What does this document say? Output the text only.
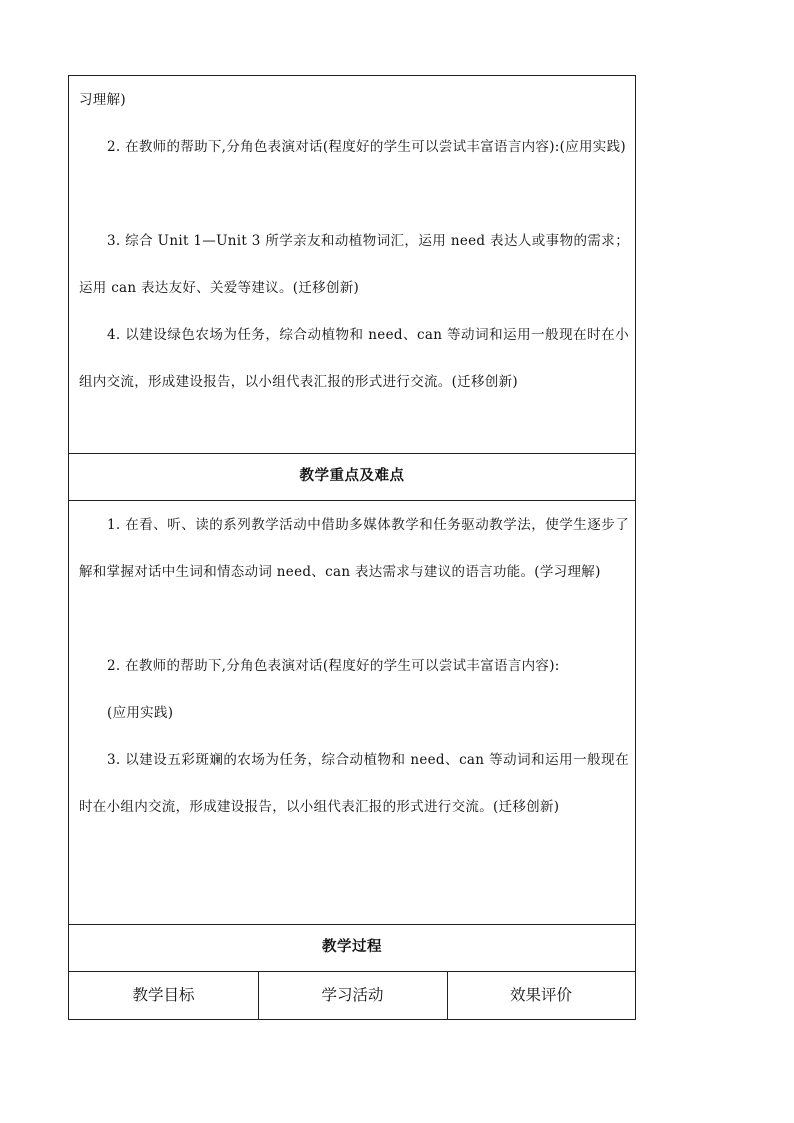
习理解)

2. 在教师的帮助下,分角色表演对话(程度好的学生可以尝试丰富语言内容):(应用实践)

3. 综合 Unit 1—Unit 3 所学亲友和动植物词汇，运用 need 表达人或事物的需求；运用 can 表达友好、关爱等建议。(迁移创新)

4. 以建设绿色农场为任务，综合动植物和 need、can 等动词和运用一般现在时在小组内交流，形成建设报告，以小组代表汇报的形式进行交流。(迁移创新)

教学重点及难点

1. 在看、听、读的系列教学活动中借助多媒体教学和任务驱动教学法，使学生逐步了解和掌握对话中生词和情态动词 need、can 表达需求与建议的语言功能。(学习理解)

2. 在教师的帮助下,分角色表演对话(程度好的学生可以尝试丰富语言内容):

(应用实践)

3. 以建设五彩斑斓的农场为任务，综合动植物和 need、can 等动词和运用一般现在时在小组内交流，形成建设报告，以小组代表汇报的形式进行交流。(迁移创新)

教学过程
教学目标	学习活动	效果评价
